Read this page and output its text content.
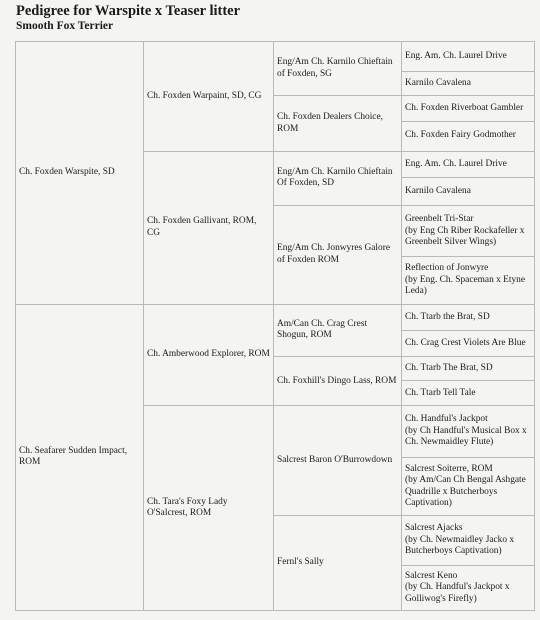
Pedigree for Warspite x Teaser litter
Smooth Fox Terrier
Ch. Foxden Warspite, SD	Ch. Foxden Warpaint, SD, CG	Eng/Am Ch. Karnilo Chieftain of Foxden, SG	Eng. Am. Ch. Laurel Drive
			Karnilo Cavalena
		Ch. Foxden Dealers Choice, ROM	Ch. Foxden Riverboat Gambler
			Ch. Foxden Fairy Godmother
	Ch. Foxden Gallivant, ROM, CG	Eng/Am Ch. Karnilo Chieftain Of Foxden, SD	Eng. Am. Ch. Laurel Drive
			Karnilo Cavalena
		Eng/Am Ch. Jonwyres Galore of Foxden ROM	Greenbelt Tri-Star
(by Eng Ch Riber Rockafeller x Greenbelt Silver Wings)

			Reflection of Jonwyre
(by Eng. Ch. Spaceman x Etyne Leda)

Ch. Seafarer Sudden Impact, ROM	Ch. Amberwood Explorer, ROM	Am/Can Ch. Crag Crest Shogun, ROM	Ch. Ttarb the Brat, SD
			Ch. Crag Crest Violets Are Blue
		Ch. Foxhill's Dingo Lass, ROM	Ch. Ttarb The Brat, SD
			Ch. Ttarb Tell Tale
	Ch. Tara's Foxy Lady O'Salcrest, ROM	Salcrest Baron O'Burrowdown	Ch. Handful's Jackpot
(by Ch Handful's Musical Box x Ch. Newmaidley Flute)

			Salcrest Soiterre, ROM
(by Am/Can Ch Bengal Ashgate Quadrille x Butcherboys Captivation)

		Fernl's Sally	Salcrest Ajacks
(by Ch. Newmaidley Jacko x Butcherboys Captivation)

			Salcrest Keno
(by Ch. Handful's Jackpot x Golliwog's Firefly)
